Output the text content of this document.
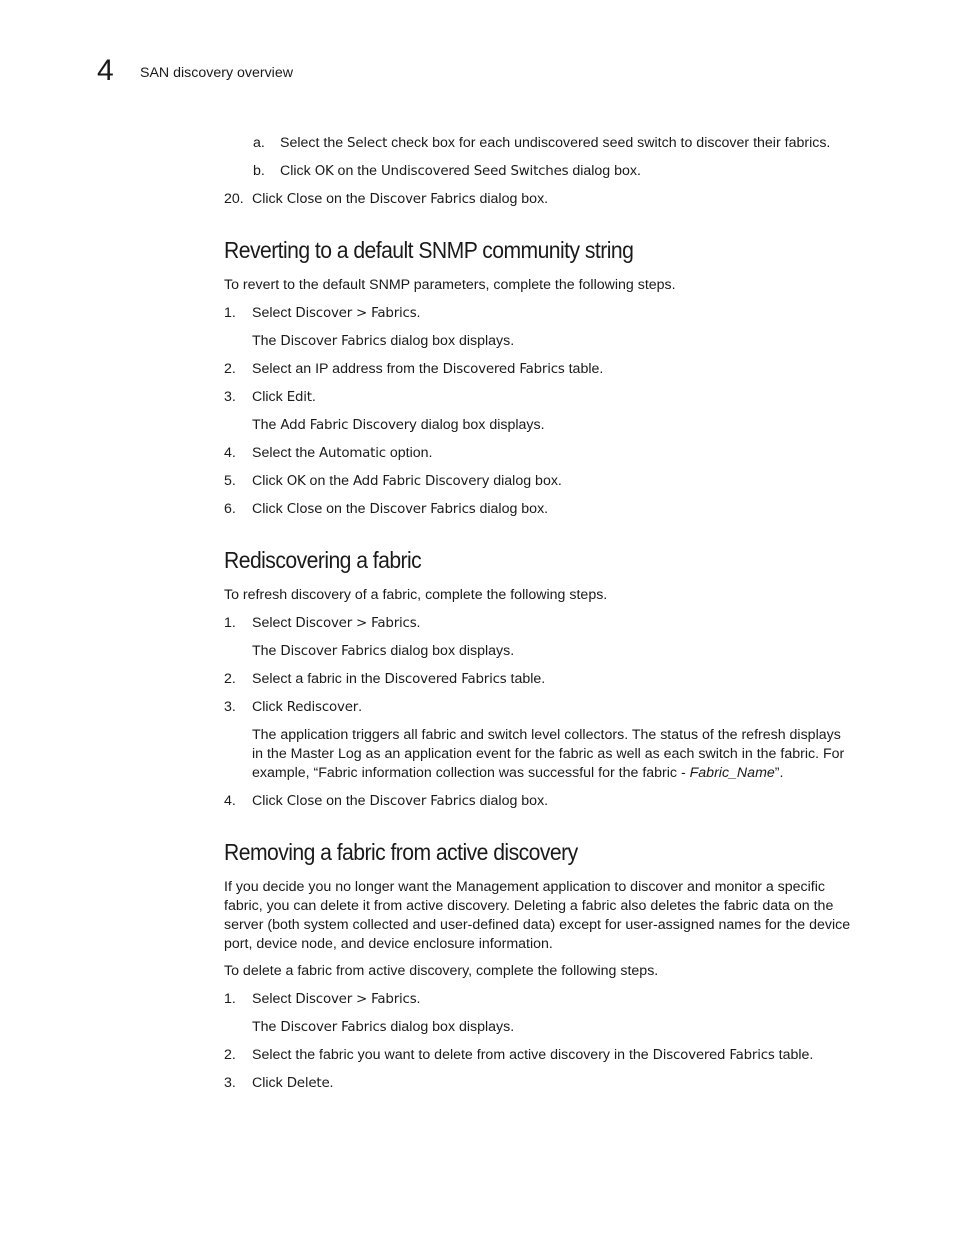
4 SAN discovery overview
a. Select the Select check box for each undiscovered seed switch to discover their fabrics.
b. Click OK on the Undiscovered Seed Switches dialog box.
20. Click Close on the Discover Fabrics dialog box.
Reverting to a default SNMP community string
To revert to the default SNMP parameters, complete the following steps.
1. Select Discover > Fabrics.
The Discover Fabrics dialog box displays.
2. Select an IP address from the Discovered Fabrics table.
3. Click Edit.
The Add Fabric Discovery dialog box displays.
4. Select the Automatic option.
5. Click OK on the Add Fabric Discovery dialog box.
6. Click Close on the Discover Fabrics dialog box.
Rediscovering a fabric
To refresh discovery of a fabric, complete the following steps.
1. Select Discover > Fabrics.
The Discover Fabrics dialog box displays.
2. Select a fabric in the Discovered Fabrics table.
3. Click Rediscover.
The application triggers all fabric and switch level collectors. The status of the refresh displays
in the Master Log as an application event for the fabric as well as each switch in the fabric. For
example, “Fabric information collection was successful for the fabric - Fabric_Name”.
4. Click Close on the Discover Fabrics dialog box.
Removing a fabric from active discovery
If you decide you no longer want the Management application to discover and monitor a specific
fabric, you can delete it from active discovery. Deleting a fabric also deletes the fabric data on the
server (both system collected and user-defined data) except for user-assigned names for the device
port, device node, and device enclosure information.
To delete a fabric from active discovery, complete the following steps.
1. Select Discover > Fabrics.
The Discover Fabrics dialog box displays.
2. Select the fabric you want to delete from active discovery in the Discovered Fabrics table.
3. Click Delete.
